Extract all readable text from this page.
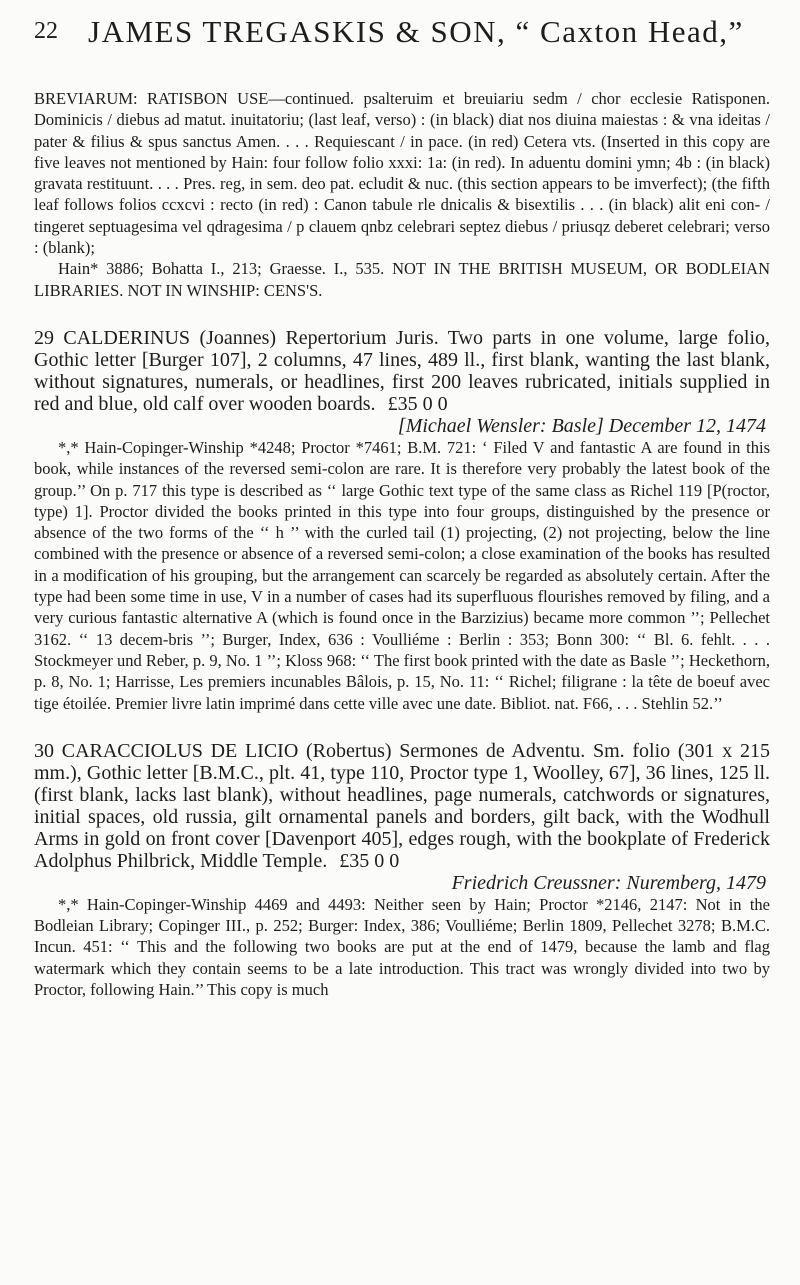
22 JAMES TREGASKIS & SON, “ Caxton Head,”

BREVIARUM: RATISBON USE—continued. psalteruim et breuiariu sedm / chor ecclesie Ratisponen. Dominicis / diebus ad matut. inuitatoriu; (last leaf, verso) : (in black) diat nos diuina maiestas : & vna ideitas / pater & filius & spus sanctus Amen. . . . Requiescant / in pace. (in red) Cetera vts. (Inserted in this copy are five leaves not mentioned by Hain: four follow folio xxxi: 1a: (in red). In aduentu domini ymn; 4b : (in black) gravata restituunt. . . . Pres. reg, in sem. deo pat. ecludit & nuc. (this section appears to be imverfect); (the fifth leaf follows folios ccxcvi : recto (in red) : Canon tabule rle dnicalis & bisextilis . . . (in black) alit eni con- / tingeret septuagesima vel qdragesima / p clauem qnbz celebrari septez diebus / priusqz deberet celebrari; verso : (blank);

Hain* 3886; Bohatta I., 213; Graesse. I., 535. NOT IN THE BRITISH MUSEUM, OR BODLEIAN LIBRARIES. NOT IN WINSHIP: CENS'S.

29 CALDERINUS (Joannes) Repertorium Juris. Two parts in one volume, large folio, Gothic letter [Burger 107], 2 columns, 47 lines, 489 ll., first blank, wanting the last blank, without signatures, numerals, or headlines, first 200 leaves rubricated, initials supplied in red and blue, old calf over wooden boards. £35 0 0

[Michael Wensler: Basle] December 12, 1474

*,* Hain-Copinger-Winship *4248; Proctor *7461; B.M. 721: ‘ Filed V and fantastic A are found in this book, while instances of the reversed semi-colon are rare. It is therefore very probably the latest book of the group.’’ On p. 717 this type is described as ‘‘ large Gothic text type of the same class as Richel 119 [P(roctor, type) 1]. Proctor divided the books printed in this type into four groups, distinguished by the presence or absence of the two forms of the ‘‘ h ’’ with the curled tail (1) projecting, (2) not projecting, below the line combined with the presence or absence of a reversed semi-colon; a close examination of the books has resulted in a modification of his grouping, but the arrangement can scarcely be regarded as absolutely certain. After the type had been some time in use, V in a number of cases had its superfluous flourishes removed by filing, and a very curious fantastic alternative A (which is found once in the Barzizius) became more common ’’; Pellechet 3162. ‘‘ 13 decem-bris ’’; Burger, Index, 636 : Voulliéme : Berlin : 353; Bonn 300: ‘‘ Bl. 6. fehlt. . . . Stockmeyer und Reber, p. 9, No. 1 ’’; Kloss 968: ‘‘ The first book printed with the date as Basle ’’; Heckethorn, p. 8, No. 1; Harrisse, Les premiers incunables Bâlois, p. 15, No. 11: ‘‘ Richel; filigrane : la tête de boeuf avec tige étoilée. Premier livre latin imprimé dans cette ville avec une date. Bibliot. nat. F66, . . . Stehlin 52.’’

30 CARACCIOLUS DE LICIO (Robertus) Sermones de Adventu. Sm. folio (301 x 215 mm.), Gothic letter [B.M.C., plt. 41, type 110, Proctor type 1, Woolley, 67], 36 lines, 125 ll. (first blank, lacks last blank), without headlines, page numerals, catchwords or signatures, initial spaces, old russia, gilt ornamental panels and borders, gilt back, with the Wodhull Arms in gold on front cover [Davenport 405], edges rough, with the bookplate of Frederick Adolphus Philbrick, Middle Temple. £35 0 0

Friedrich Creussner: Nuremberg, 1479

*,* Hain-Copinger-Winship 4469 and 4493: Neither seen by Hain; Proctor *2146, 2147: Not in the Bodleian Library; Copinger III., p. 252; Burger: Index, 386; Voulliéme; Berlin 1809, Pellechet 3278; B.M.C. Incun. 451: ‘‘ This and the following two books are put at the end of 1479, because the lamb and flag watermark which they contain seems to be a late introduction. This tract was wrongly divided into two by Proctor, following Hain.’’ This copy is much
